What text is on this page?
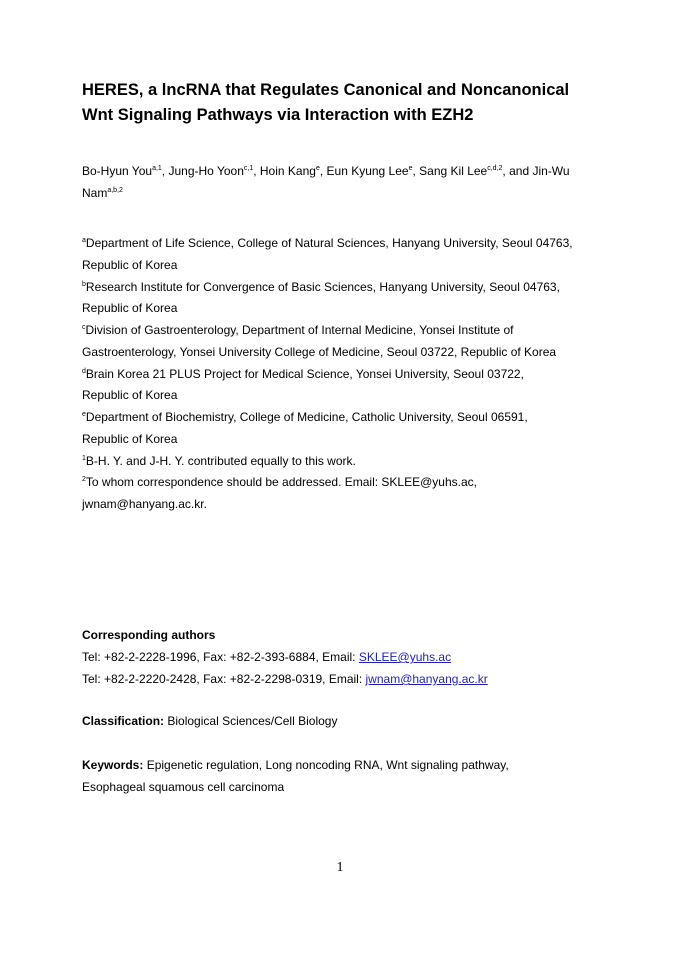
HERES, a lncRNA that Regulates Canonical and Noncanonical Wnt Signaling Pathways via Interaction with EZH2
Bo-Hyun You$^{a,1}$, Jung-Ho Yoon$^{c,1}$, Hoin Kang$^e$, Eun Kyung Lee$^e$, Sang Kil Lee$^{c,d,2}$, and Jin-Wu Nam$^{a,b,2}$
$^a$Department of Life Science, College of Natural Sciences, Hanyang University, Seoul 04763,
Republic of Korea
$^b$Research Institute for Convergence of Basic Sciences, Hanyang University, Seoul 04763,
Republic of Korea
$^c$Division of Gastroenterology, Department of Internal Medicine, Yonsei Institute of
Gastroenterology, Yonsei University College of Medicine, Seoul 03722, Republic of Korea
$^d$Brain Korea 21 PLUS Project for Medical Science, Yonsei University, Seoul 03722,
Republic of Korea
$^e$Department of Biochemistry, College of Medicine, Catholic University, Seoul 06591,
Republic of Korea
$^1$B-H. Y. and J-H. Y. contributed equally to this work.
$^2$To whom correspondence should be addressed. Email: SKLEE@yuhs.ac,
jwnam@hanyang.ac.kr.
Corresponding authors
Tel: +82-2-2228-1996, Fax: +82-2-393-6884, Email: SKLEE@yuhs.ac
Tel: +82-2-2220-2428, Fax: +82-2-2298-0319, Email: jwnam@hanyang.ac.kr
Classification: Biological Sciences/Cell Biology
Keywords: Epigenetic regulation, Long noncoding RNA, Wnt signaling pathway,
Esophageal squamous cell carcinoma
1
